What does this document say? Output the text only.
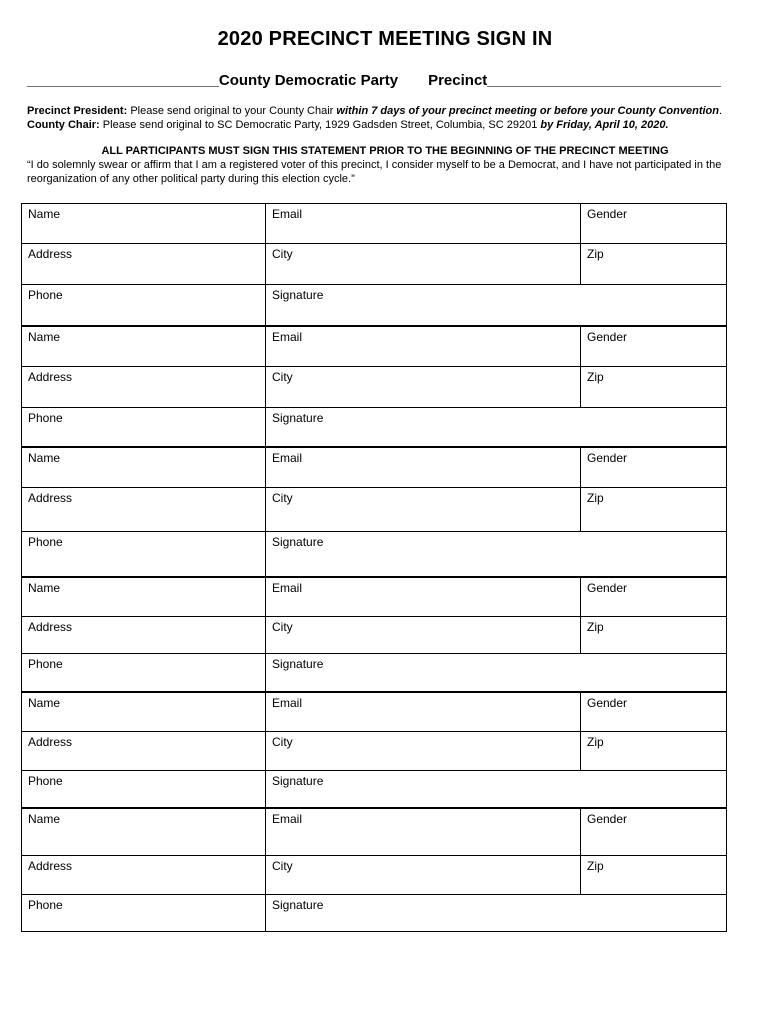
2020 PRECINCT MEETING SIGN IN
_______________________County Democratic Party Precinct____________________________
Precinct President: Please send original to your County Chair within 7 days of your precinct meeting or before your County Convention.
County Chair: Please send original to SC Democratic Party, 1929 Gadsden Street, Columbia, SC 29201 by Friday, April 10, 2020.
ALL PARTICIPANTS MUST SIGN THIS STATEMENT PRIOR TO THE BEGINNING OF THE PRECINCT MEETING
“I do solemnly swear or affirm that I am a registered voter of this precinct, I consider myself to be a Democrat, and I have not participated in the reorganization of any other political party during this election cycle.”
Name	Email	Gender
Address	City	Zip
Phone	Signature
Name	Email	Gender
Address	City	Zip
Phone	Signature
Name	Email	Gender
Address	City	Zip
Phone	Signature
Name	Email	Gender
Address	City	Zip
Phone	Signature
Name	Email	Gender
Address	City	Zip
Phone	Signature
Name	Email	Gender
Address	City	Zip
Phone	Signature
